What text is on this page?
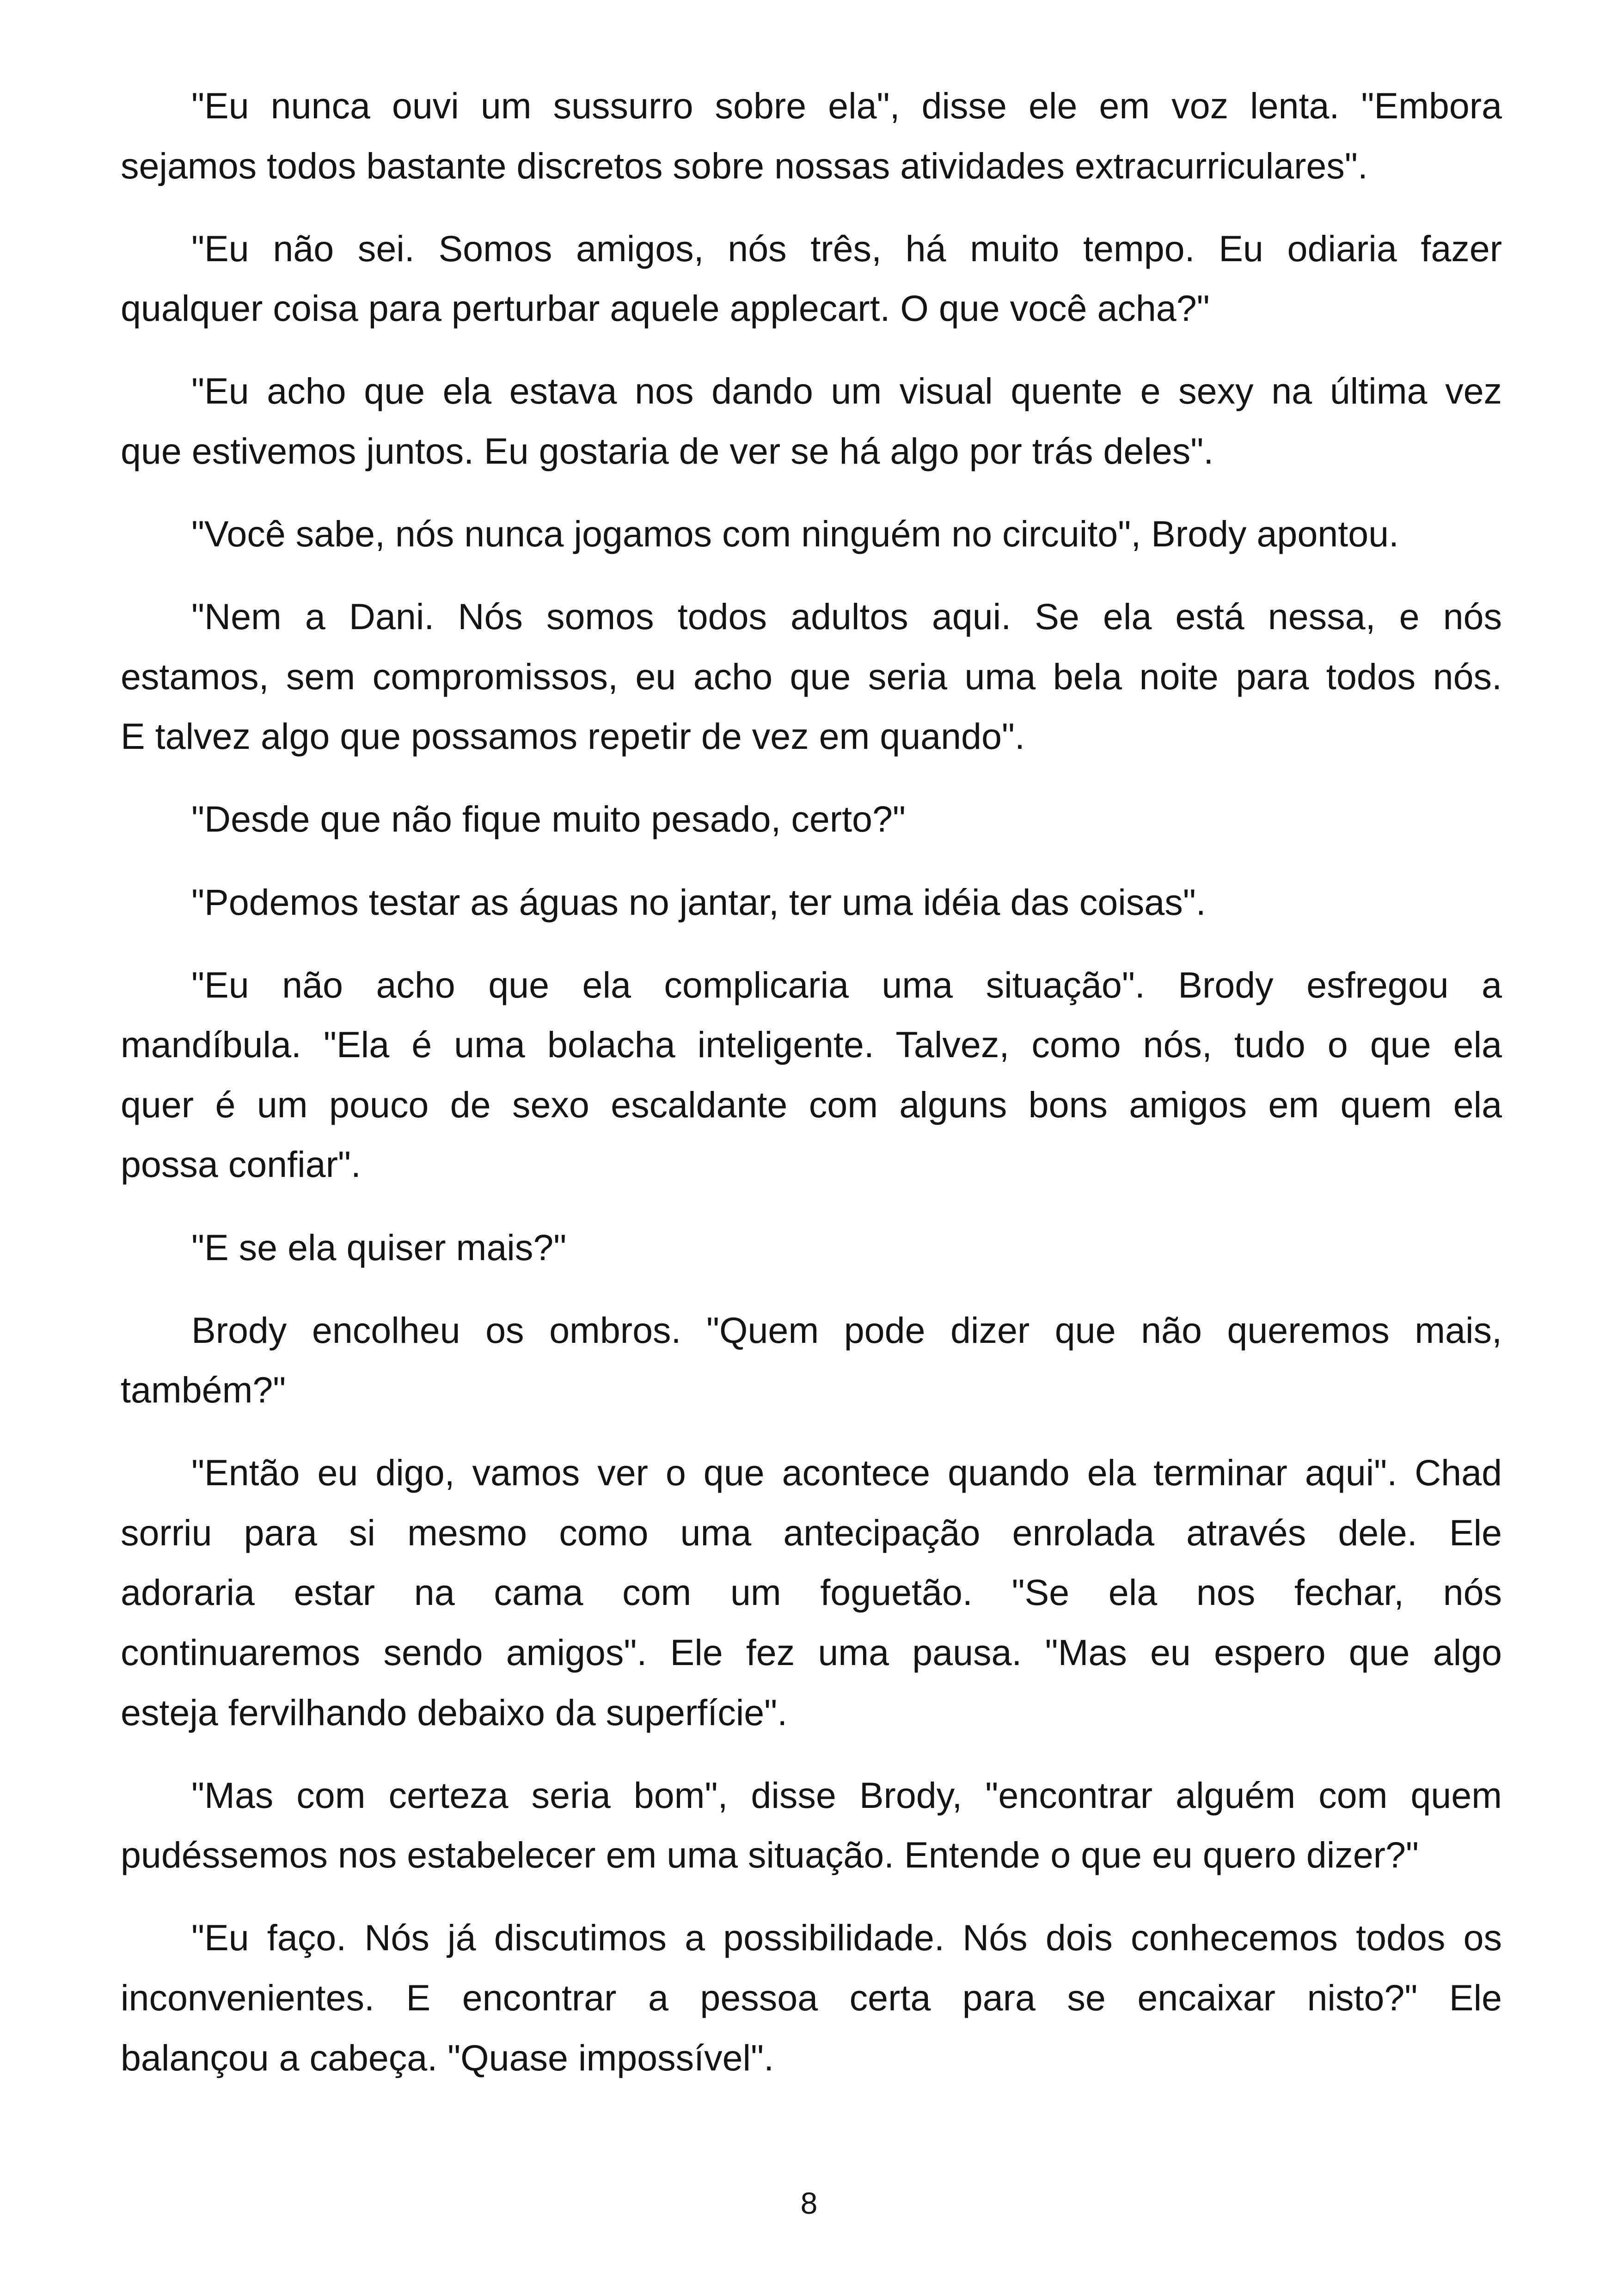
"Eu nunca ouvi um sussurro sobre ela", disse ele em voz lenta. "Embora
sejamos todos bastante discretos sobre nossas atividades extracurriculares".
"Eu não sei. Somos amigos, nós três, há muito tempo. Eu odiaria fazer
qualquer coisa para perturbar aquele applecart. O que você acha?"
"Eu acho que ela estava nos dando um visual quente e sexy na última vez
que estivemos juntos. Eu gostaria de ver se há algo por trás deles".
"Você sabe, nós nunca jogamos com ninguém no circuito", Brody apontou.
"Nem a Dani. Nós somos todos adultos aqui. Se ela está nessa, e nós
estamos, sem compromissos, eu acho que seria uma bela noite para todos nós.
E talvez algo que possamos repetir de vez em quando".
"Desde que não fique muito pesado, certo?"
"Podemos testar as águas no jantar, ter uma idéia das coisas".
"Eu não acho que ela complicaria uma situação". Brody esfregou a
mandíbula. "Ela é uma bolacha inteligente. Talvez, como nós, tudo o que ela
quer é um pouco de sexo escaldante com alguns bons amigos em quem ela
possa confiar".
"E se ela quiser mais?"
Brody encolheu os ombros. "Quem pode dizer que não queremos mais,
também?"
"Então eu digo, vamos ver o que acontece quando ela terminar aqui". Chad
sorriu para si mesmo como uma antecipação enrolada através dele. Ele
adoraria estar na cama com um foguetão. "Se ela nos fechar, nós
continuaremos sendo amigos". Ele fez uma pausa. "Mas eu espero que algo
esteja fervilhando debaixo da superfície".
"Mas com certeza seria bom", disse Brody, "encontrar alguém com quem
pudéssemos nos estabelecer em uma situação. Entende o que eu quero dizer?"
"Eu faço. Nós já discutimos a possibilidade. Nós dois conhecemos todos os
inconvenientes. E encontrar a pessoa certa para se encaixar nisto?" Ele
balançou a cabeça. "Quase impossível".
8
